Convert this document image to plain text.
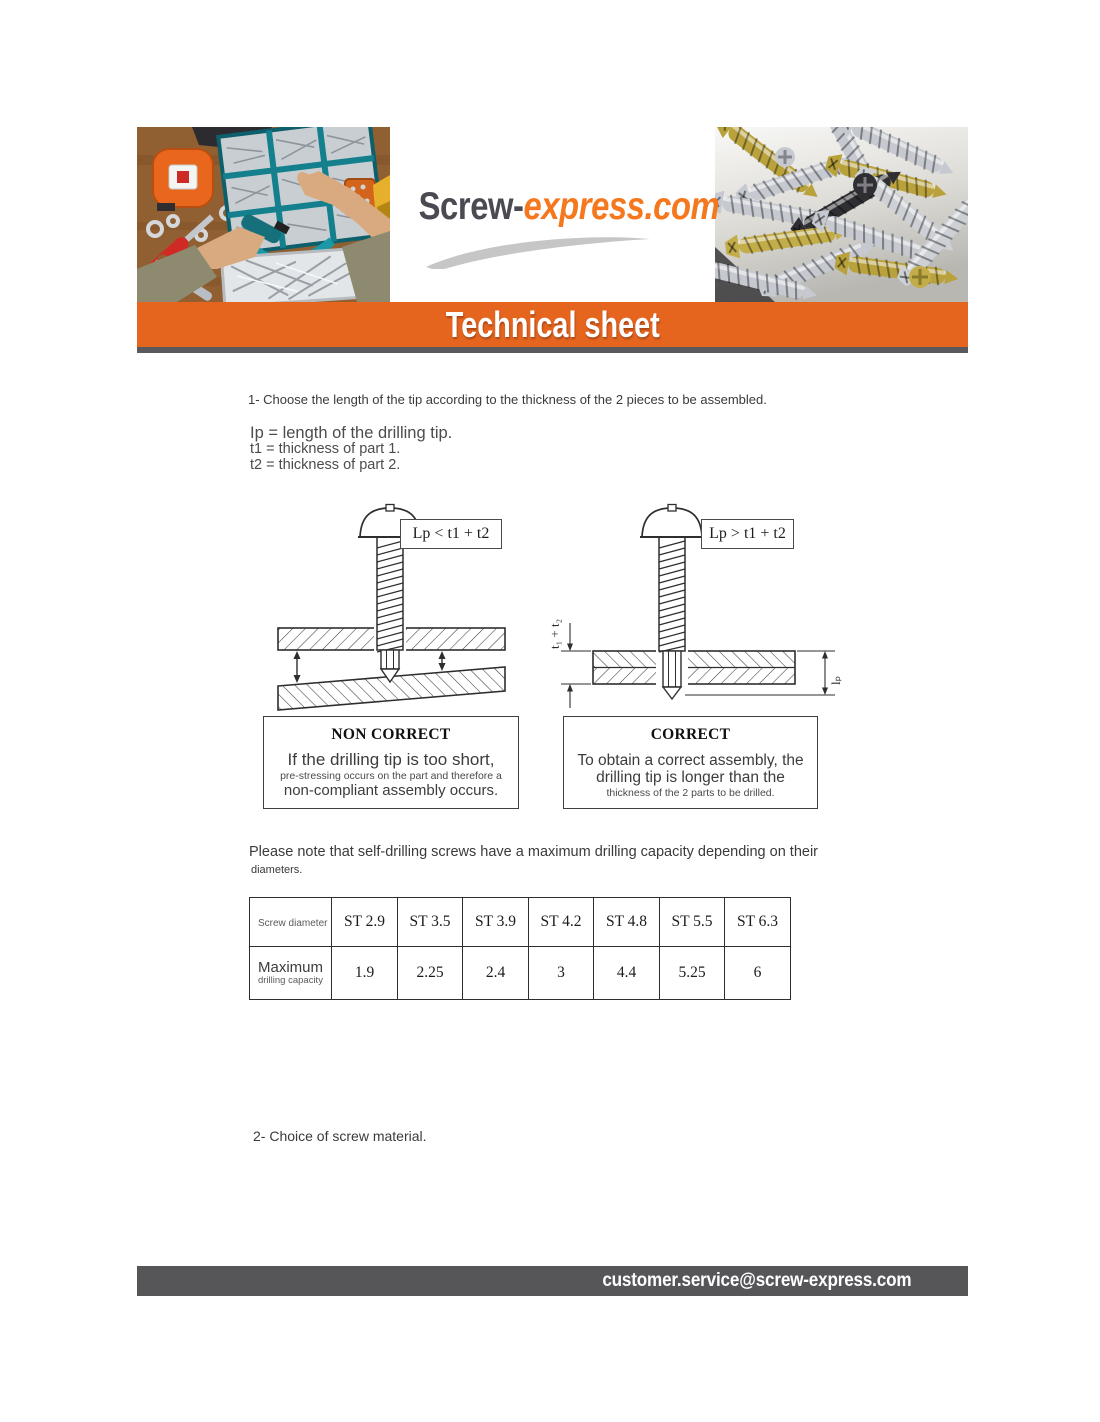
Screw-express.com
Technical sheet
1- Choose the length of the tip according to the thickness of the 2 pieces to be assembled.
Ip = length of the drilling tip.
t1 = thickness of part 1.
t2 = thickness of part 2.
Lp < t1 + t2
t₁ + t₂
lₚ
Lp > t1 + t2
NON CORRECT
If the drilling tip is too short,
pre-stressing occurs on the part and therefore a
non-compliant assembly occurs.
CORRECT
To obtain a correct assembly, the
drilling tip is longer than the
thickness of the 2 parts to be drilled.
Please note that self-drilling screws have a maximum drilling capacity depending on their
diameters.
Screw diameter	ST 2.9	ST 3.5	ST 3.9	ST 4.2	ST 4.8	ST 5.5	ST 6.3

Maximum
drilling capacity	1.9	2.25	2.4	3	4.4	5.25	6
2- Choice of screw material.
customer.service@screw-express.com
